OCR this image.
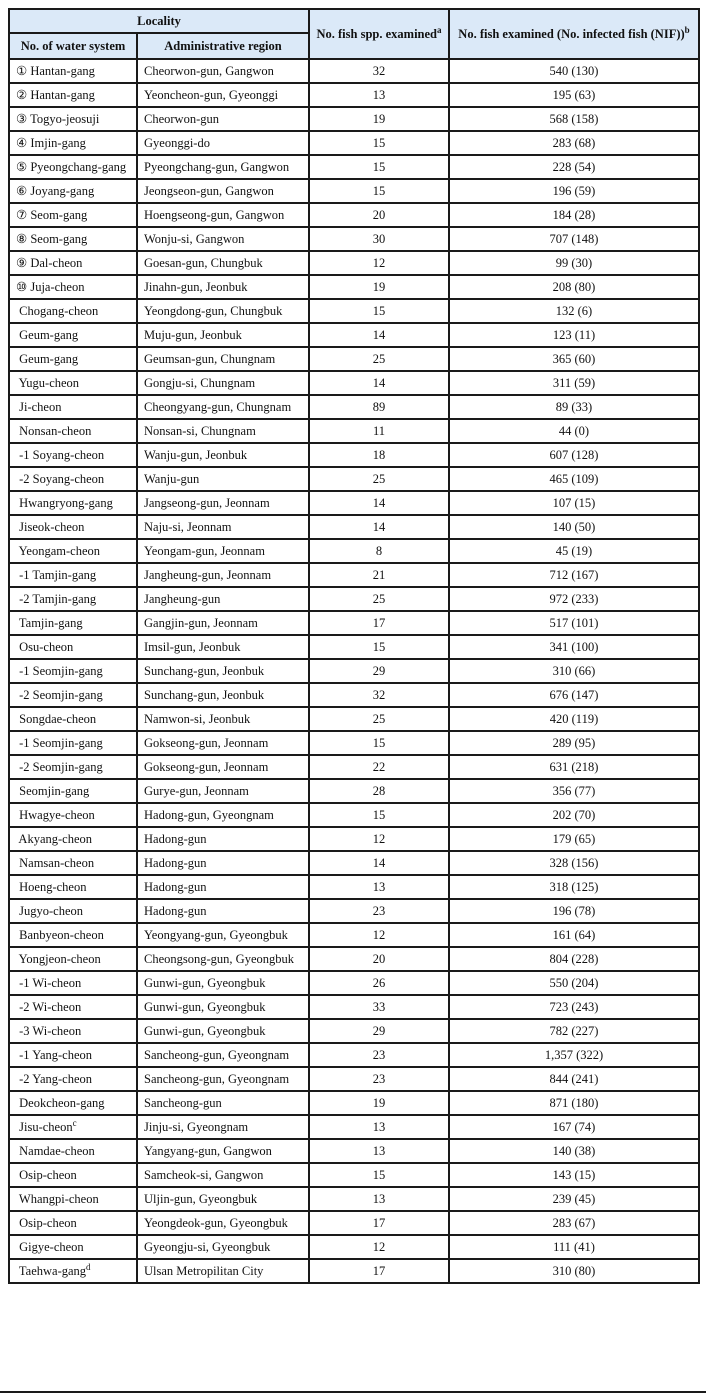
Locality		No. fish spp. examined$^a$	No. fish examined (No. infected fish (NIF))$^b$
No. of water system	Administrative region		
① Hantan-gang	Cheorwon-gun, Gangwon	32	540 (130)
② Hantan-gang	Yeoncheon-gun, Gyeonggi	13	195 (63)
③ Togyo-jeosuji	Cheorwon-gun	19	568 (158)
④ Imjin-gang	Gyeonggi-do	15	283 (68)
⑤ Pyeongchang-gang	Pyeongchang-gun, Gangwon	15	228 (54)
⑥ Joyang-gang	Jeongseon-gun, Gangwon	15	196 (59)
⑦ Seom-gang	Hoengseong-gun, Gangwon	20	184 (28)
⑧ Seom-gang	Wonju-si, Gangwon	30	707 (148)
⑨ Dal-cheon	Goesan-gun, Chungbuk	12	99 (30)
⑩ Juja-cheon	Jinahn-gun, Jeonbuk	19	208 (80)
Chogang-cheon	Yeongdong-gun, Chungbuk	15	132 (6)
Geum-gang	Muju-gun, Jeonbuk	14	123 (11)
Geum-gang	Geumsan-gun, Chungnam	25	365 (60)
Yugu-cheon	Gongju-si, Chungnam	14	311 (59)
Ji-cheon	Cheongyang-gun, Chungnam	89	89 (33)
Nonsan-cheon	Nonsan-si, Chungnam	11	44 (0)
-1 Soyang-cheon	Wanju-gun, Jeonbuk	18	607 (128)
-2 Soyang-cheon	Wanju-gun	25	465 (109)
Hwangryong-gang	Jangseong-gun, Jeonnam	14	107 (15)
Jiseok-cheon	Naju-si, Jeonnam	14	140 (50)
Yeongam-cheon	Yeongam-gun, Jeonnam	8	45 (19)
-1 Tamjin-gang	Jangheung-gun, Jeonnam	21	712 (167)
-2 Tamjin-gang	Jangheung-gun	25	972 (233)
Tamjin-gang	Gangjin-gun, Jeonnam	17	517 (101)
Osu-cheon	Imsil-gun, Jeonbuk	15	341 (100)
-1 Seomjin-gang	Sunchang-gun, Jeonbuk	29	310 (66)
-2 Seomjin-gang	Sunchang-gun, Jeonbuk	32	676 (147)
Songdae-cheon	Namwon-si, Jeonbuk	25	420 (119)
-1 Seomjin-gang	Gokseong-gun, Jeonnam	15	289 (95)
-2 Seomjin-gang	Gokseong-gun, Jeonnam	22	631 (218)
Seomjin-gang	Gurye-gun, Jeonnam	28	356 (77)
Hwagye-cheon	Hadong-gun, Gyeongnam	15	202 (70)
Akyang-cheon	Hadong-gun	12	179 (65)
Namsan-cheon	Hadong-gun	14	328 (156)
Hoeng-cheon	Hadong-gun	13	318 (125)
Jugyo-cheon	Hadong-gun	23	196 (78)
Banbyeon-cheon	Yeongyang-gun, Gyeongbuk	12	161 (64)
Yongjeon-cheon	Cheongsong-gun, Gyeongbuk	20	804 (228)
-1 Wi-cheon	Gunwi-gun, Gyeongbuk	26	550 (204)
-2 Wi-cheon	Gunwi-gun, Gyeongbuk	33	723 (243)
-3 Wi-cheon	Gunwi-gun, Gyeongbuk	29	782 (227)
-1 Yang-cheon	Sancheong-gun, Gyeongnam	23	1,357 (322)
-2 Yang-cheon	Sancheong-gun, Gyeongnam	23	844 (241)
Deokcheon-gang	Sancheong-gun	19	871 (180)
Jisu-cheon$^c$	Jinju-si, Gyeongnam	13	167 (74)
Namdae-cheon	Yangyang-gun, Gangwon	13	140 (38)
Osip-cheon	Samcheok-si, Gangwon	15	143 (15)
Whangpi-cheon	Uljin-gun, Gyeongbuk	13	239 (45)
Osip-cheon	Yeongdeok-gun, Gyeongbuk	17	283 (67)
Gigye-cheon	Gyeongju-si, Gyeongbuk	12	111 (41)
Taehwa-gang$^d$	Ulsan Metropilitan City	17	310 (80)
